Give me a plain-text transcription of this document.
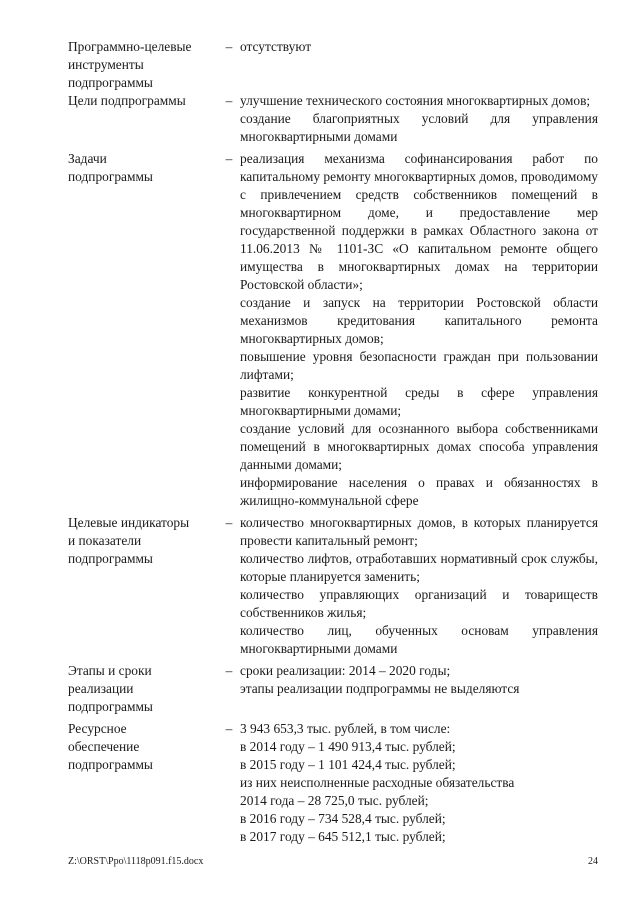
Программно-целевые
инструменты
подпрограммы
– отсутствуют

Цели подпрограммы	– улучшение технического состояния многоквартирных домов;

создание благоприятных условий для управления многоквартирными домами

Задачи
подпрограммы
– реализация механизма софинансирования работ по капитальному ремонту многоквартирных домов, проводимому с привлечением средств собственников помещений в многоквартирном доме, и предоставление мер государственной поддержки в рамках Областного закона от 11.06.2013 № 1101-ЗС «О капитальном ремонте общего имущества в многоквартирных домах на территории Ростовской области»;

создание и запуск на территории Ростовской области механизмов кредитования капитального ремонта многоквартирных домов;

повышение уровня безопасности граждан при пользовании лифтами;

развитие конкурентной среды в сфере управления многоквартирными домами;

создание условий для осознанного выбора собственниками помещений в многоквартирных домах способа управления данными домами;

информирование населения о правах и обязанностях в жилищно-коммунальной сфере

Целевые индикаторы
и показатели
подпрограммы
– количество многоквартирных домов, в которых планируется провести капитальный ремонт;

количество лифтов, отработавших нормативный срок службы, которые планируется заменить;

количество управляющих организаций и товариществ собственников жилья;

количество лиц, обученных основам управления многоквартирными домами

Этапы и сроки
реализации
подпрограммы
– сроки реализации: 2014 – 2020 годы;

этапы реализации подпрограммы не выделяются

Ресурсное
обеспечение
подпрограммы
– 3 943 653,3 тыс. рублей, в том числе:

в 2014 году – 1 490 913,4 тыс. рублей;

в 2015 году – 1 101 424,4 тыс. рублей;

из них неисполненные расходные обязательства 2014 года – 28 725,0 тыс. рублей;

в 2016 году – 734 528,4 тыс. рублей;

в 2017 году – 645 512,1 тыс. рублей;

Z:\ORST\Ppo\1118p091.f15.docx	24
